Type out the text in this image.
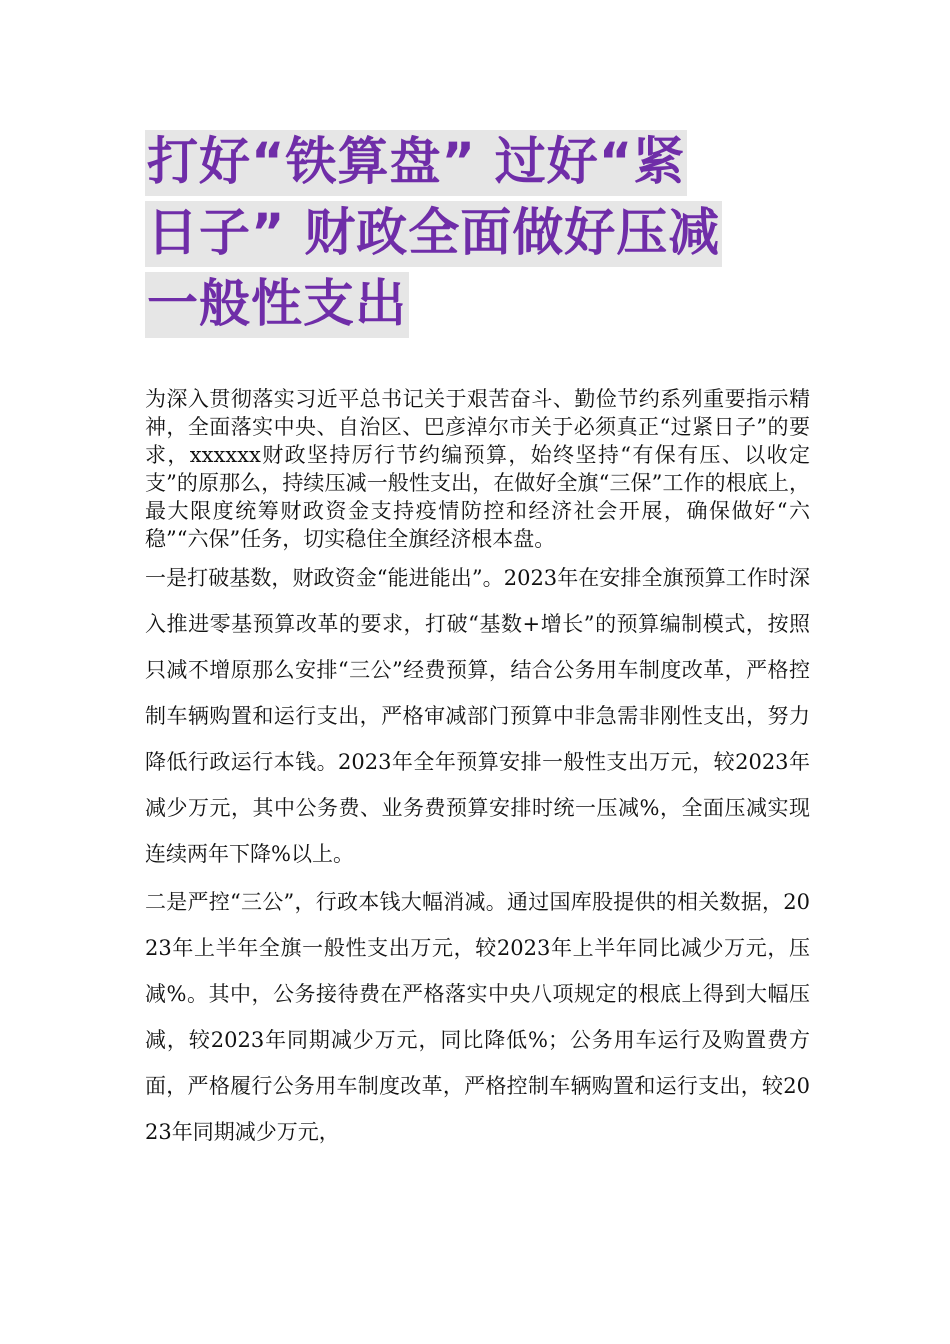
打好“铁算盘” 过好“紧
日子” 财政全面做好压减
一般性支出

为深入贯彻落实习近平总书记关于艰苦奋斗、勤俭节约系列重要指示精神，全面落实中央、自治区、巴彦淖尔市关于必须真正“过紧日子”的要求，xxxxxx财政坚持厉行节约编预算，始终坚持“有保有压、以收定支”的原那么，持续压减一般性支出，在做好全旗“三保”工作的根底上，最大限度统筹财政资金支持疫情防控和经济社会开展，确保做好“六稳”“六保”任务，切实稳住全旗经济根本盘。

一是打破基数，财政资金“能进能出”。2023年在安排全旗预算工作时深入推进零基预算改革的要求，打破“基数+增长”的预算编制模式，按照只减不增原那么安排“三公”经费预算，结合公务用车制度改革，严格控制车辆购置和运行支出，严格审减部门预算中非急需非刚性支出，努力降低行政运行本钱。2023年全年预算安排一般性支出万元，较2023年减少万元，其中公务费、业务费预算安排时统一压减%，全面压减实现连续两年下降%以上。

二是严控“三公”，行政本钱大幅消减。通过国库股提供的相关数据，2023年上半年全旗一般性支出万元，较2023年上半年同比减少万元，压减%。其中，公务接待费在严格落实中央八项规定的根底上得到大幅压减，较2023年同期减少万元，同比降低%；公务用车运行及购置费方面，严格履行公务用车制度改革，严格控制车辆购置和运行支出，较2023年同期减少万元，
